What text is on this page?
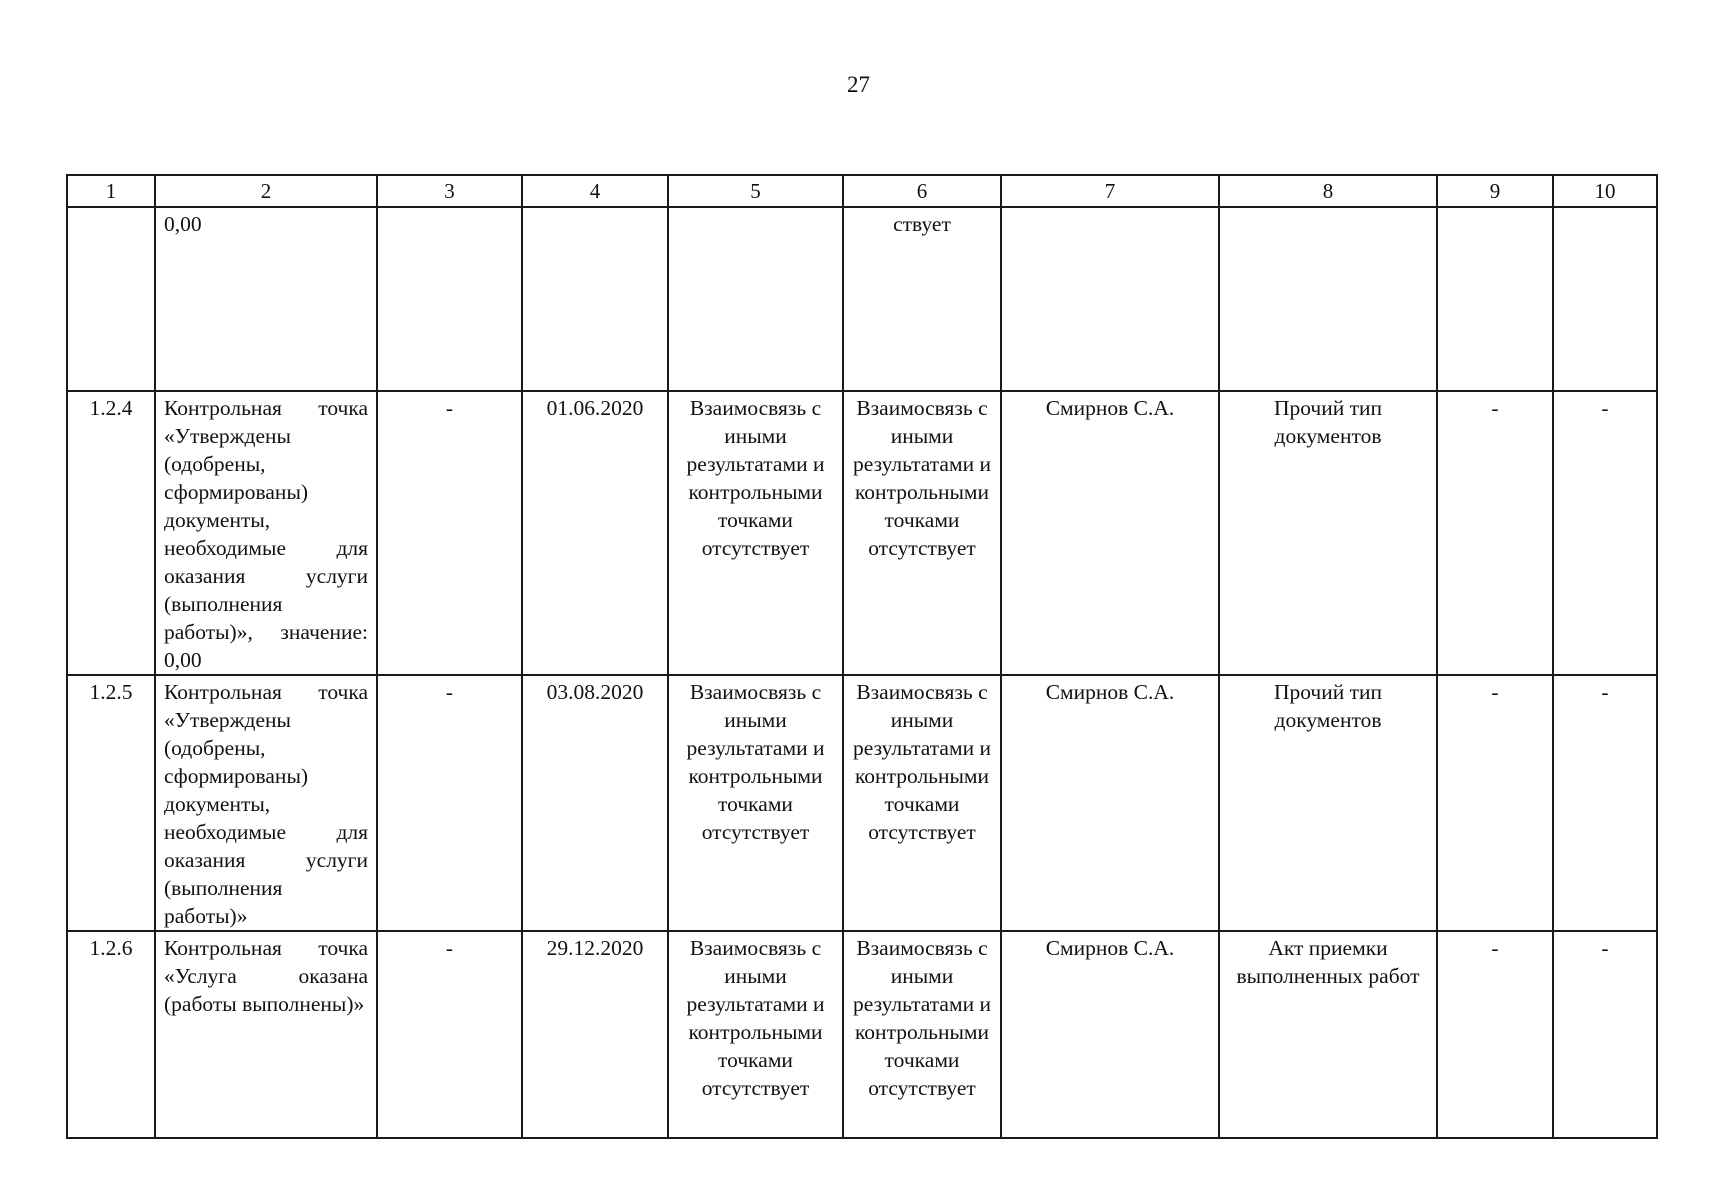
27
1	2	3	4	5	6	7	8	9	10
	0,00				ствует				
1.2.4	Контрольная точка «Утверждены (одобрены, сформированы) документы, необходимые для оказания услуги (выполнения работы)», значение: 0,00	-	01.06.2020	Взаимосвязь с иными результатами и контрольными точками отсутствует	Взаимосвязь с иными результатами и контрольными точками отсутствует	Смирнов С.А.	Прочий тип документов	-	-
1.2.5	Контрольная точка «Утверждены (одобрены, сформированы) документы, необходимые для оказания услуги (выполнения работы)»	-	03.08.2020	Взаимосвязь с иными результатами и контрольными точками отсутствует	Взаимосвязь с иными результатами и контрольными точками отсутствует	Смирнов С.А.	Прочий тип документов	-	-
1.2.6	Контрольная точка «Услуга оказана (работы выполнены)»	-	29.12.2020	Взаимосвязь с иными результатами и контрольными точками отсутствует	Взаимосвязь с иными результатами и контрольными точками отсутствует	Смирнов С.А.	Акт приемки выполненных работ	-	-
